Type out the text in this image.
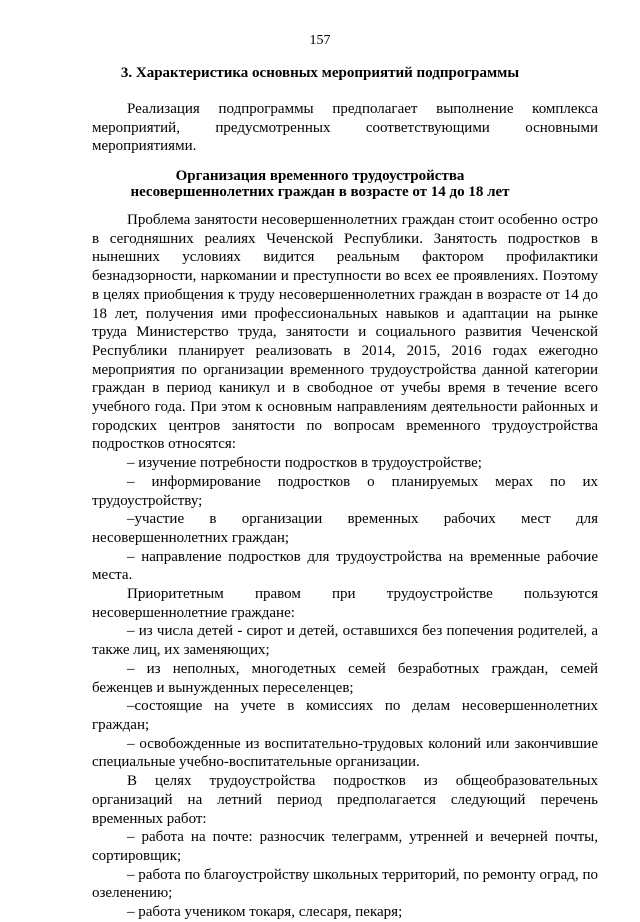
157
3. Характеристика основных мероприятий подпрограммы

Реализация подпрограммы предполагает выполнение комплекса мероприятий, предусмотренных соответствующими основными мероприятиями.

Организация временного трудоустройства
несовершеннолетних граждан в возрасте от 14 до 18 лет

Проблема занятости несовершеннолетних граждан стоит особенно остро в сегодняшних реалиях Чеченской Республики. Занятость подростков в нынешних условиях видится реальным фактором профилактики безнадзорности, наркомании и преступности во всех ее проявлениях. Поэтому в целях приобщения к труду несовершеннолетних граждан в возрасте от 14 до 18 лет, получения ими профессиональных навыков и адаптации на рынке труда Министерство труда, занятости и социального развития Чеченской Республики планирует реализовать в 2014, 2015, 2016 годах ежегодно мероприятия по организации временного трудоустройства данной категории граждан в период каникул и в свободное от учебы время в течение всего учебного года. При этом к основным направлениям деятельности районных и городских центров занятости по вопросам временного трудоустройства подростков относятся:

– изучение потребности подростков в трудоустройстве;

– информирование подростков о планируемых мерах по их трудоустройству;

–участие в организации временных рабочих мест для несовершеннолетних граждан;

– направление подростков для трудоустройства на временные рабочие места.

Приоритетным правом при трудоустройстве пользуются несовершеннолетние граждане:

– из числа детей - сирот и детей, оставшихся без попечения родителей, а также лиц, их заменяющих;

– из неполных, многодетных семей безработных граждан, семей беженцев и вынужденных переселенцев;

–состоящие на учете в комиссиях по делам несовершеннолетних граждан;

– освобожденные из воспитательно-трудовых колоний или закончившие специальные учебно-воспитательные организации.

В целях трудоустройства подростков из общеобразовательных организаций на летний период предполагается следующий перечень временных работ:

– работа на почте: разносчик телеграмм, утренней и вечерней почты, сортировщик;

– работа по благоустройству школьных территорий, по ремонту оград, по озеленению;

– работа учеником токаря, слесаря, пекаря;
